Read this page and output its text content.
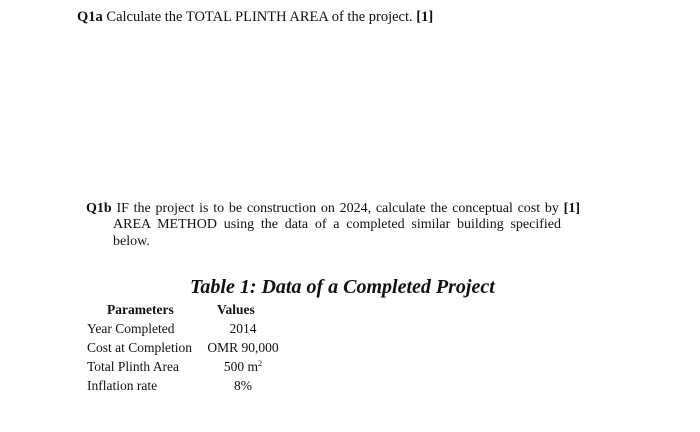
Q1a Calculate the TOTAL PLINTH AREA of the project. [1]
Q1b IF the project is to be construction on 2024, calculate the conceptual cost by [1]
AREA METHOD using the data of a completed similar building specified
below.
Table 1: Data of a Completed Project
Parameters	Values
Year Completed	2014
Cost at Completion	OMR 90,000
Total Plinth Area	500 $m^2$
Inflation rate	8%
